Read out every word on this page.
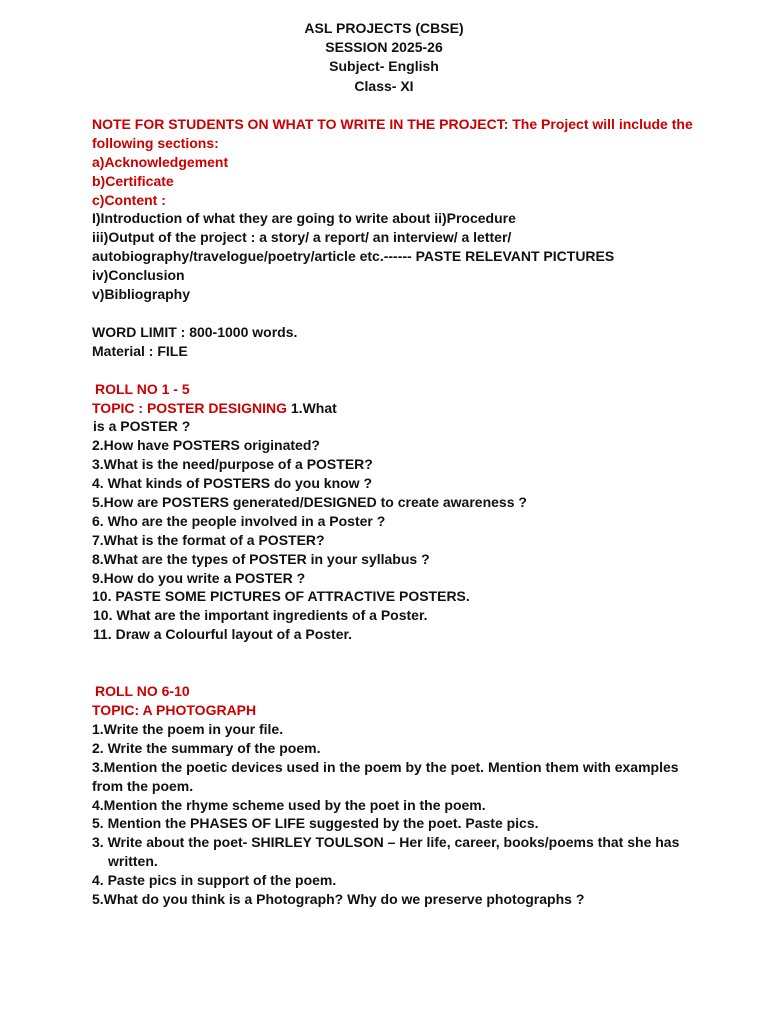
ASL PROJECTS (CBSE)
SESSION 2025-26
Subject- English
Class- XI
NOTE FOR STUDENTS ON WHAT TO WRITE IN THE PROJECT: The Project will include the
following sections:
a)Acknowledgement
b)Certificate
c)Content :
I)Introduction of what they are going to write about ii)Procedure
iii)Output of the project : a story/ a report/ an interview/ a letter/
autobiography/travelogue/poetry/article etc.------ PASTE RELEVANT PICTURES
iv)Conclusion
v)Bibliography
WORD LIMIT : 800-1000 words.
Material : FILE
ROLL NO 1 - 5
TOPIC : POSTER DESIGNING 1.What
is a POSTER ?
2.How have POSTERS originated?
3.What is the need/purpose of a POSTER?
4. What kinds of POSTERS do you know ?
5.How are POSTERS generated/DESIGNED to create awareness ?
6. Who are the people involved in a Poster ?
7.What is the format of a POSTER?
8.What are the types of POSTER in your syllabus ?
9.How do you write a POSTER ?
10. PASTE SOME PICTURES OF ATTRACTIVE POSTERS.
10. What are the important ingredients of a Poster.
11. Draw a Colourful layout of a Poster.
ROLL NO 6-10
TOPIC: A PHOTOGRAPH
1.Write the poem in your file.
2. Write the summary of the poem.
3.Mention the poetic devices used in the poem by the poet. Mention them with examples
from the poem.
4.Mention the rhyme scheme used by the poet in the poem.
5. Mention the PHASES OF LIFE suggested by the poet. Paste pics.
3. Write about the poet- SHIRLEY TOULSON – Her life, career, books/poems that she has
written.
4. Paste pics in support of the poem.
5.What do you think is a Photograph? Why do we preserve photographs ?
